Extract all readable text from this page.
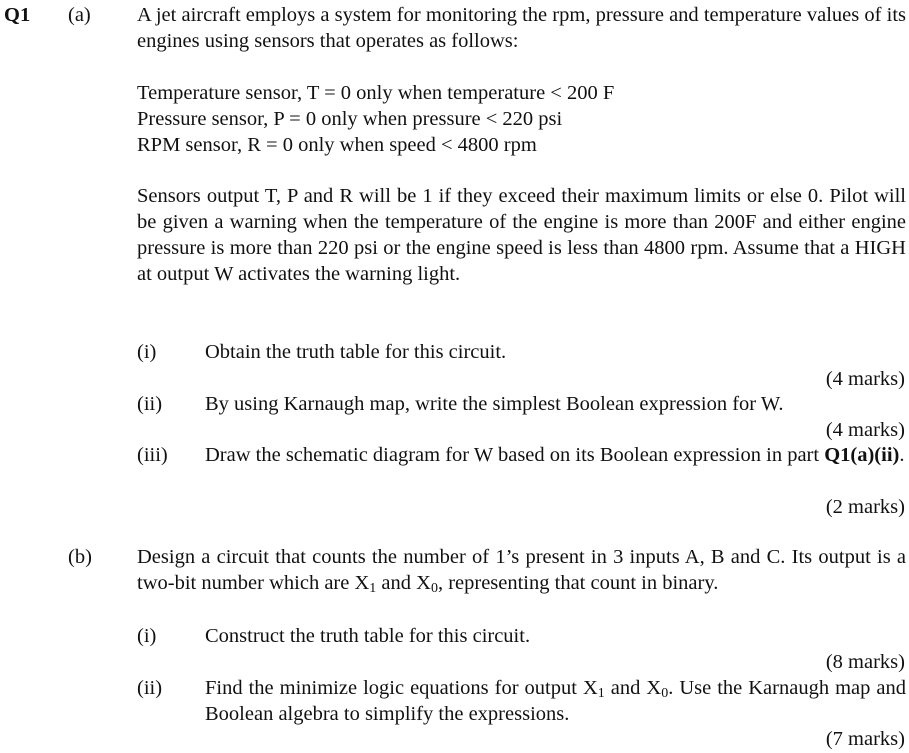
Q1 (a) A jet aircraft employs a system for monitoring the rpm, pressure and temperature values of its engines using sensors that operates as follows:

Temperature sensor, T = 0 only when temperature < 200 F

Pressure sensor, P = 0 only when pressure < 220 psi

RPM sensor, R = 0 only when speed < 4800 rpm

Sensors output T, P and R will be 1 if they exceed their maximum limits or else 0. Pilot will be given a warning when the temperature of the engine is more than 200F and either engine pressure is more than 220 psi or the engine speed is less than 4800 rpm. Assume that a HIGH at output W activates the warning light.

(i) Obtain the truth table for this circuit.
(4 marks)
(ii) By using Karnaugh map, write the simplest Boolean expression for W.
(4 marks)
(iii) Draw the schematic diagram for W based on its Boolean expression in part Q1(a)(ii).
(2 marks)
(b) Design a circuit that counts the number of 1’s present in 3 inputs A, B and C. Its output is a two-bit number which are $X_1$ and $X_0$, representing that count in binary.

(i) Construct the truth table for this circuit.
(8 marks)
(ii) Find the minimize logic equations for output $X_1$ and $X_0$. Use the Karnaugh map and Boolean algebra to simplify the expressions.
(7 marks)
